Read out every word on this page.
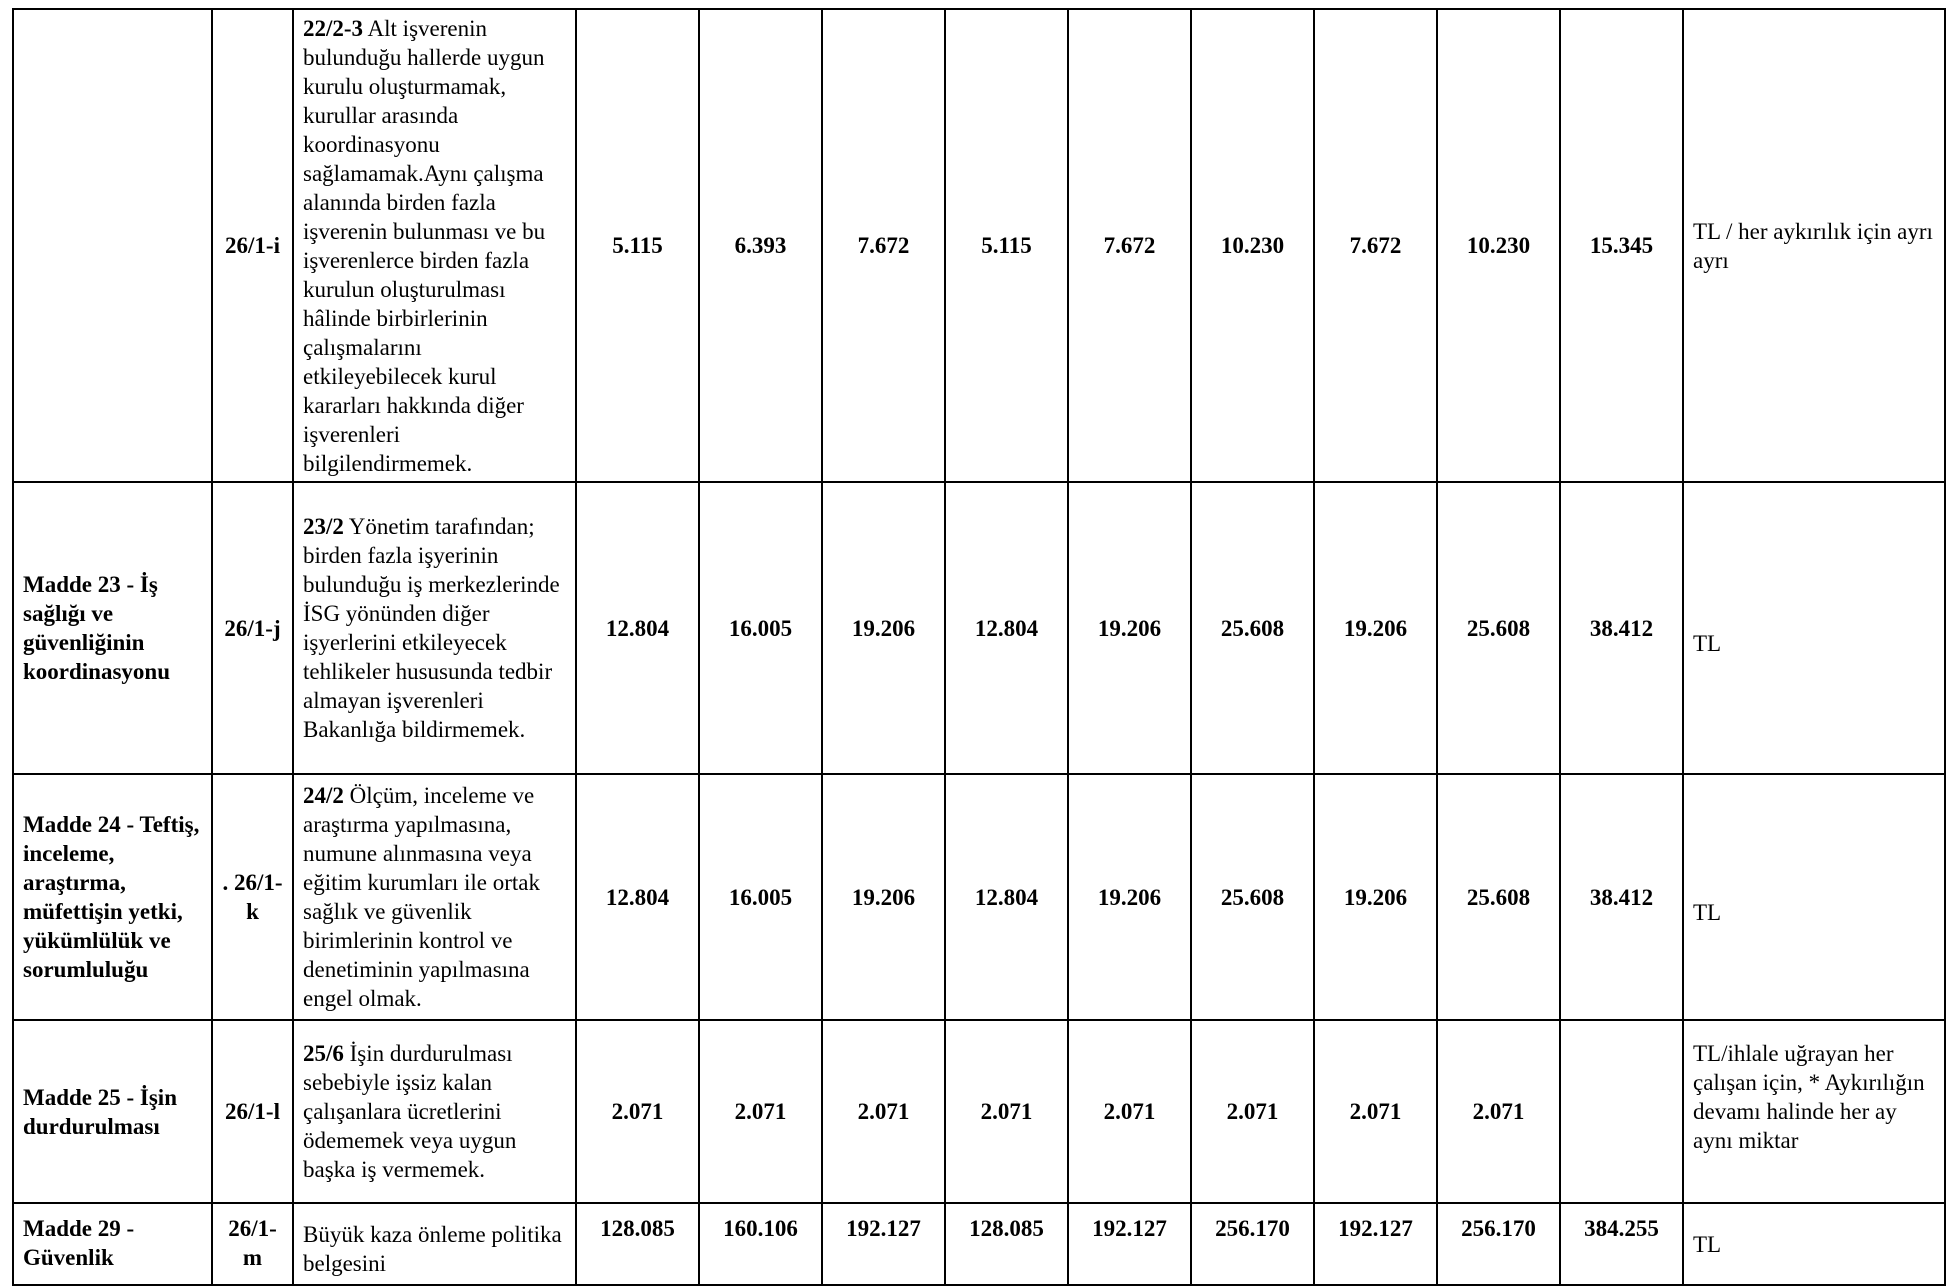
	26/1-i	22/2-3 Alt işverenin bulunduğu hallerde uygun kurulu oluşturmamak, kurullar arasında koordinasyonu sağlamamak.Aynı çalışma alanında birden fazla işverenin bulunması ve bu işverenlerce birden fazla kurulun oluşturulması hâlinde birbirlerinin çalışmalarını etkileyebilecek kurul kararları hakkında diğer işverenleri bilgilendirmemek.	5.115	6.393	7.672	5.115	7.672	10.230	7.672	10.230	15.345	TL / her aykırılık için ayrı ayrı
Madde 23 - İş sağlığı ve güvenliğinin koordinasyonu	26/1-j	23/2 Yönetim tarafından; birden fazla işyerinin bulunduğu iş merkezlerinde İSG yönünden diğer işyerlerini etkileyecek tehlikeler hususunda tedbir almayan işverenleri Bakanlığa bildirmemek.	12.804	16.005	19.206	12.804	19.206	25.608	19.206	25.608	38.412	TL
Madde 24 - Teftiş, inceleme, araştırma, müfettişin yetki, yükümlülük ve sorumluluğu	. 26/1-k	24/2 Ölçüm, inceleme ve araştırma yapılmasına, numune alınmasına veya eğitim kurumları ile ortak sağlık ve güvenlik birimlerinin kontrol ve denetiminin yapılmasına engel olmak.	12.804	16.005	19.206	12.804	19.206	25.608	19.206	25.608	38.412	TL
Madde 25 - İşin durdurulması	26/1-l	25/6 İşin durdurulması sebebiyle işsiz kalan çalışanlara ücretlerini ödememek veya uygun başka iş vermemek.	2.071	2.071	2.071	2.071	2.071	2.071	2.071	2.071		TL/ihlale uğrayan her çalışan için, * Aykırılığın devamı halinde her ay aynı miktar
Madde 29 - Güvenlik	26/1-m	Büyük kaza önleme politika belgesini	128.085	160.106	192.127	128.085	192.127	256.170	192.127	256.170	384.255	TL
